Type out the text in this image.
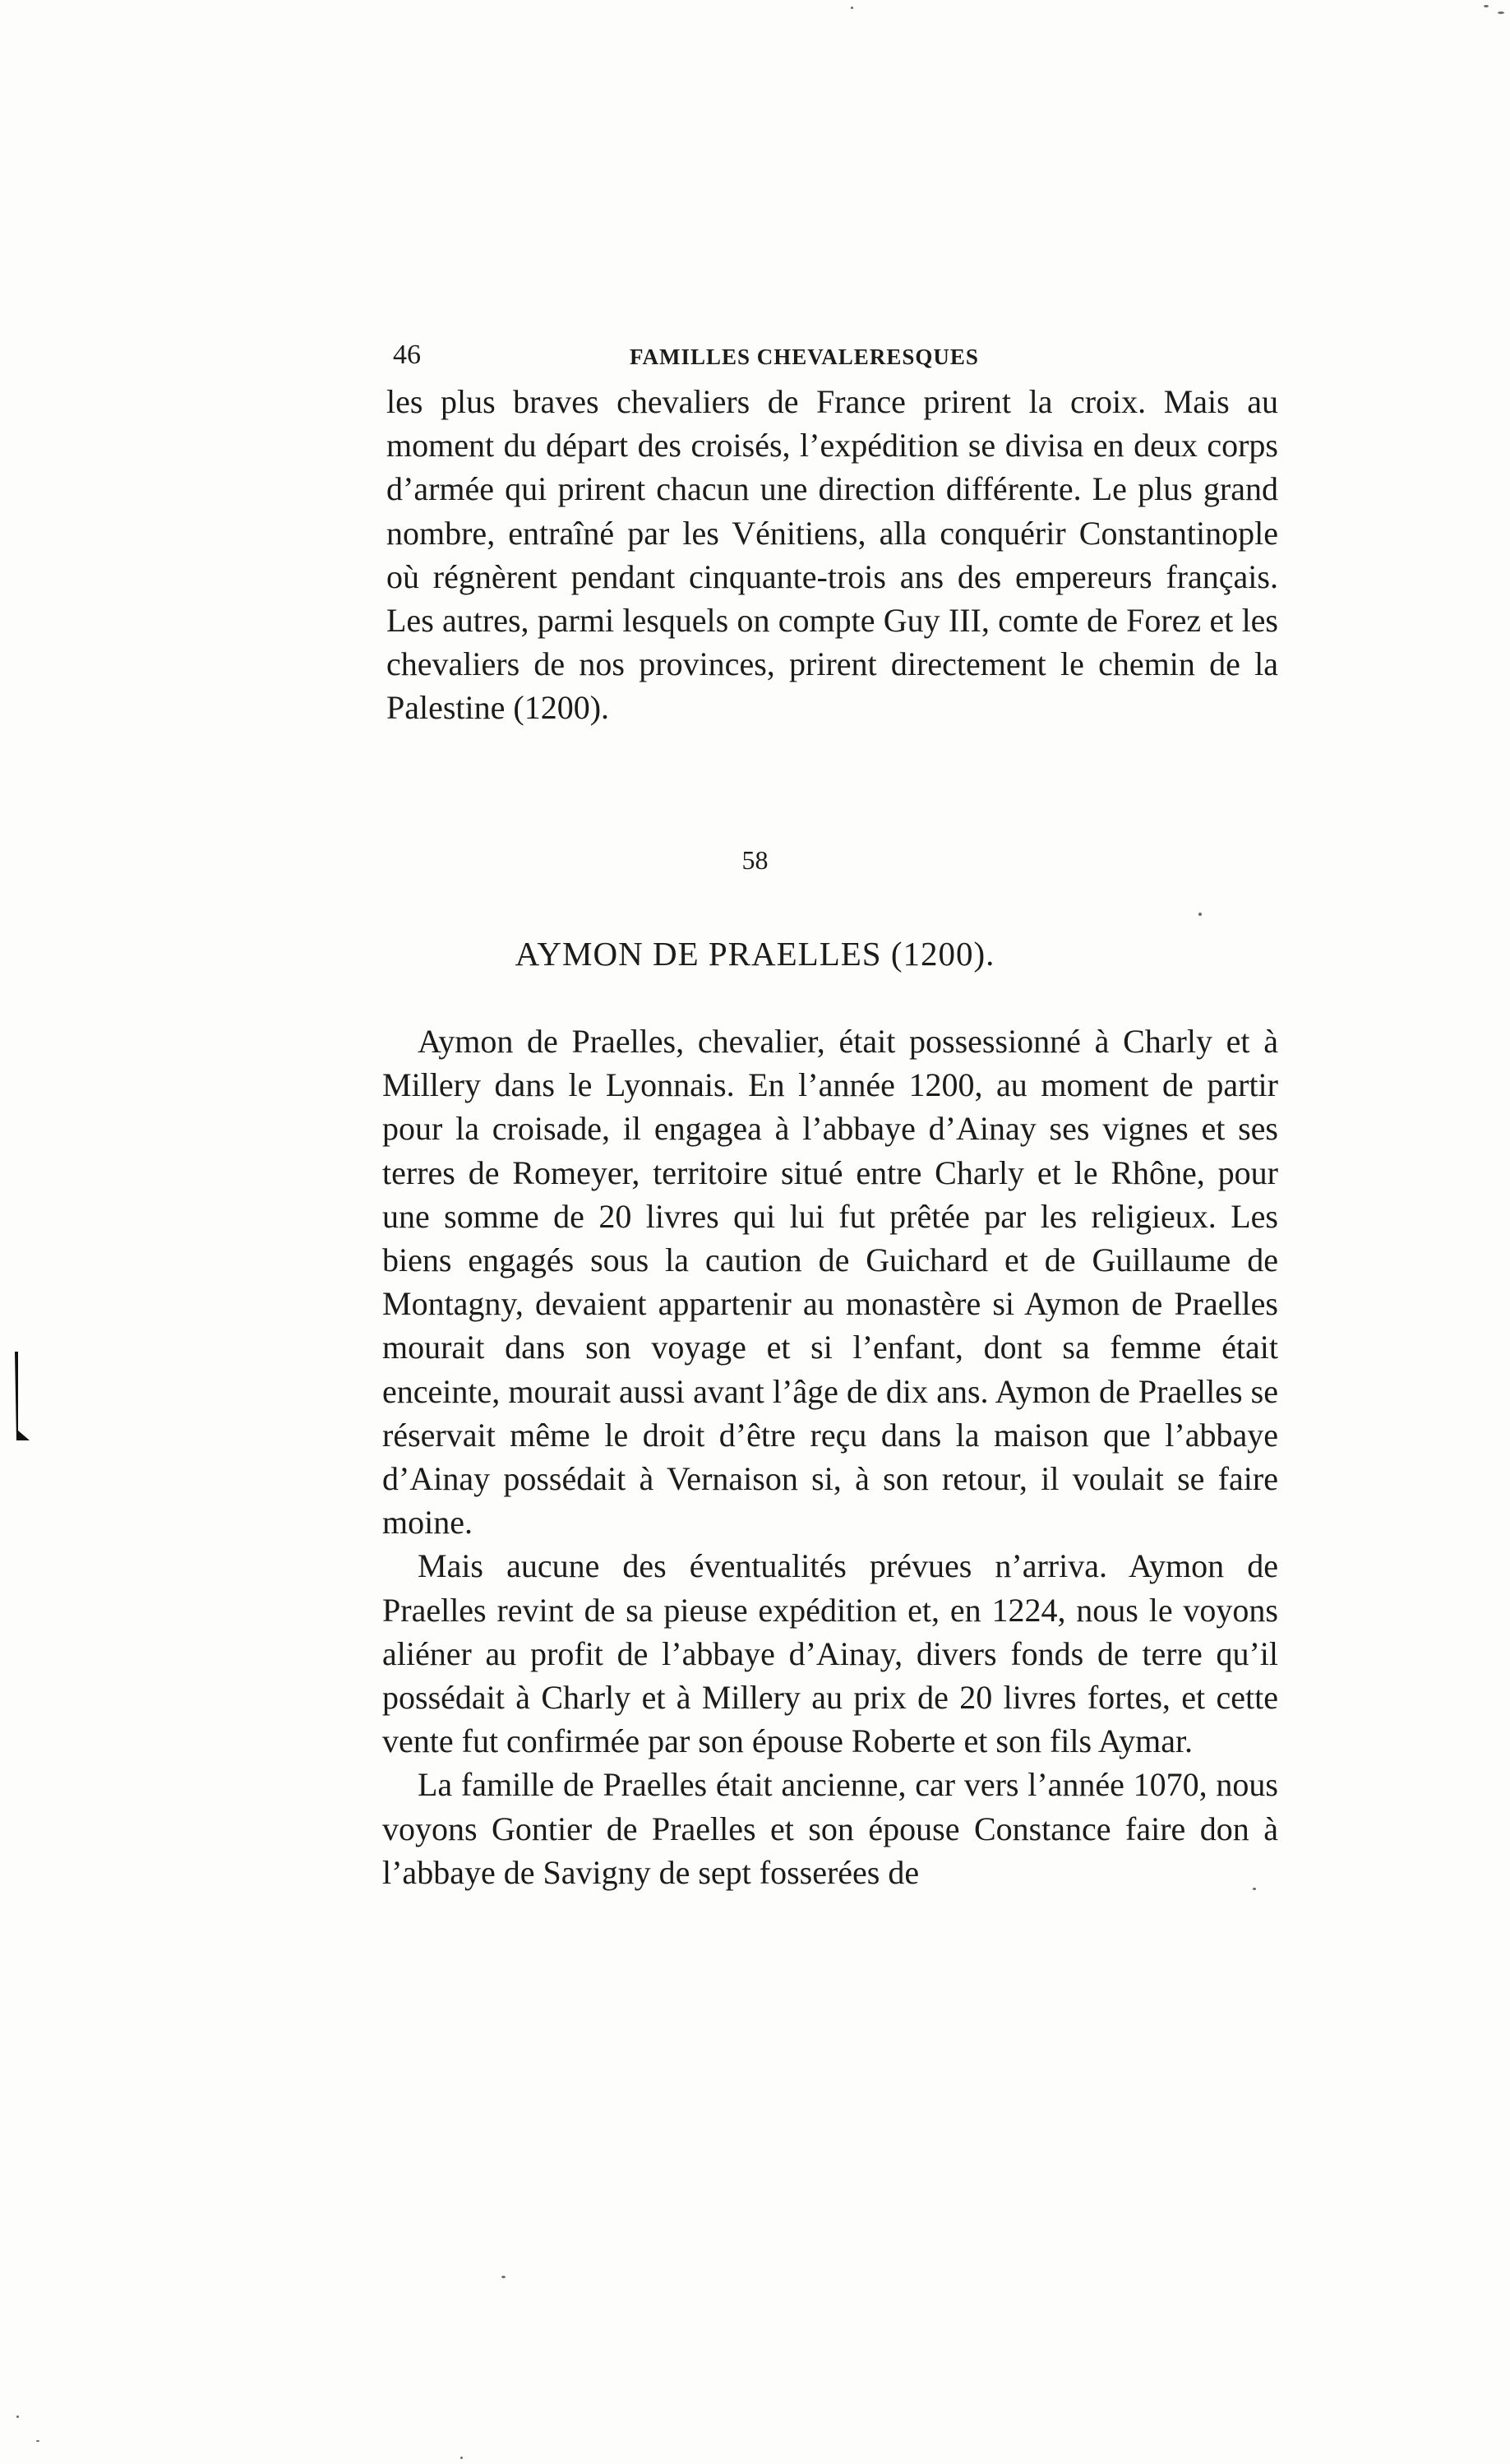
46	FAMILLES CHEVALERESQUES

les plus braves chevaliers de France prirent la croix. Mais au moment du départ des croisés, l’expédition se divisa en deux corps d’armée qui prirent chacun une direction différente. Le plus grand nombre, entraîné par les Vénitiens, alla conquérir Constantinople où régnèrent pendant cinquante-trois ans des empereurs français. Les autres, parmi lesquels on compte Guy III, comte de Forez et les chevaliers de nos provinces, prirent directement le chemin de la Palestine (1200).

58
AYMON DE PRAELLES (1200).

Aymon de Praelles, chevalier, était possessionné à Charly et à Millery dans le Lyonnais. En l’année 1200, au moment de partir pour la croisade, il engagea à l’abbaye d’Ainay ses vignes et ses terres de Romeyer, territoire situé entre Charly et le Rhône, pour une somme de 20 livres qui lui fut prêtée par les religieux. Les biens engagés sous la caution de Guichard et de Guillaume de Montagny, devaient appartenir au monastère si Aymon de Praelles mourait dans son voyage et si l’enfant, dont sa femme était enceinte, mourait aussi avant l’âge de dix ans. Aymon de Praelles se réservait même le droit d’être reçu dans la maison que l’abbaye d’Ainay possédait à Vernaison si, à son retour, il voulait se faire moine.

Mais aucune des éventualités prévues n’arriva. Aymon de Praelles revint de sa pieuse expédition et, en 1224, nous le voyons aliéner au profit de l’abbaye d’Ainay, divers fonds de terre qu’il possédait à Charly et à Millery au prix de 20 livres fortes, et cette vente fut confirmée par son épouse Roberte et son fils Aymar.

La famille de Praelles était ancienne, car vers l’année 1070, nous voyons Gontier de Praelles et son épouse Constance faire don à l’abbaye de Savigny de sept fosserées de
